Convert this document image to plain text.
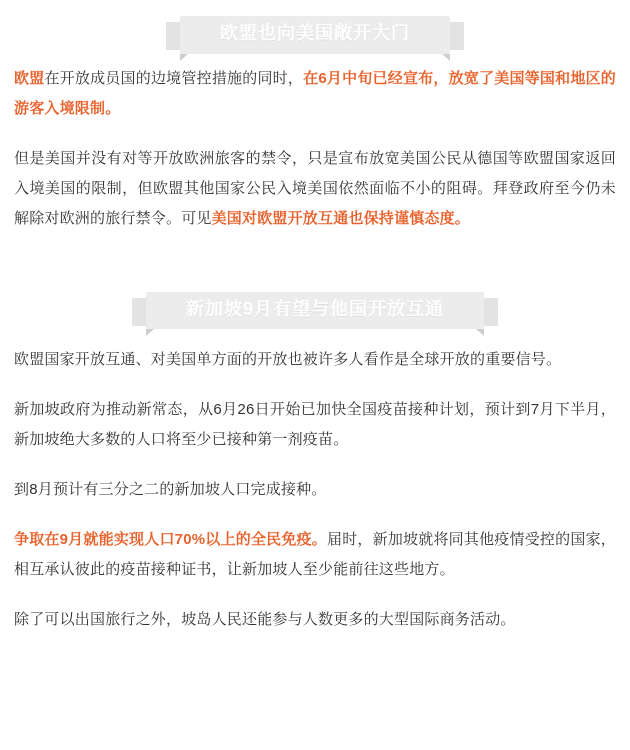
欧盟也向美国敞开大门

欧盟在开放成员国的边境管控措施的同时，在6月中旬已经宣布，放宽了美国等国和地区的游客入境限制。

但是美国并没有对等开放欧洲旅客的禁令，只是宣布放宽美国公民从德国等欧盟国家返回入境美国的限制，但欧盟其他国家公民入境美国依然面临不小的阻碍。拜登政府至今仍未解除对欧洲的旅行禁令。可见美国对欧盟开放互通也保持谨慎态度。

新加坡9月有望与他国开放互通

欧盟国家开放互通、对美国单方面的开放也被许多人看作是全球开放的重要信号。

新加坡政府为推动新常态，从6月26日开始已加快全国疫苗接种计划，预计到7月下半月，新加坡绝大多数的人口将至少已接种第一剂疫苗。

到8月预计有三分之二的新加坡人口完成接种。

争取在9月就能实现人口70%以上的全民免疫。届时，新加坡就将同其他疫情受控的国家，相互承认彼此的疫苗接种证书，让新加坡人至少能前往这些地方。

除了可以出国旅行之外，坡岛人民还能参与人数更多的大型国际商务活动。
